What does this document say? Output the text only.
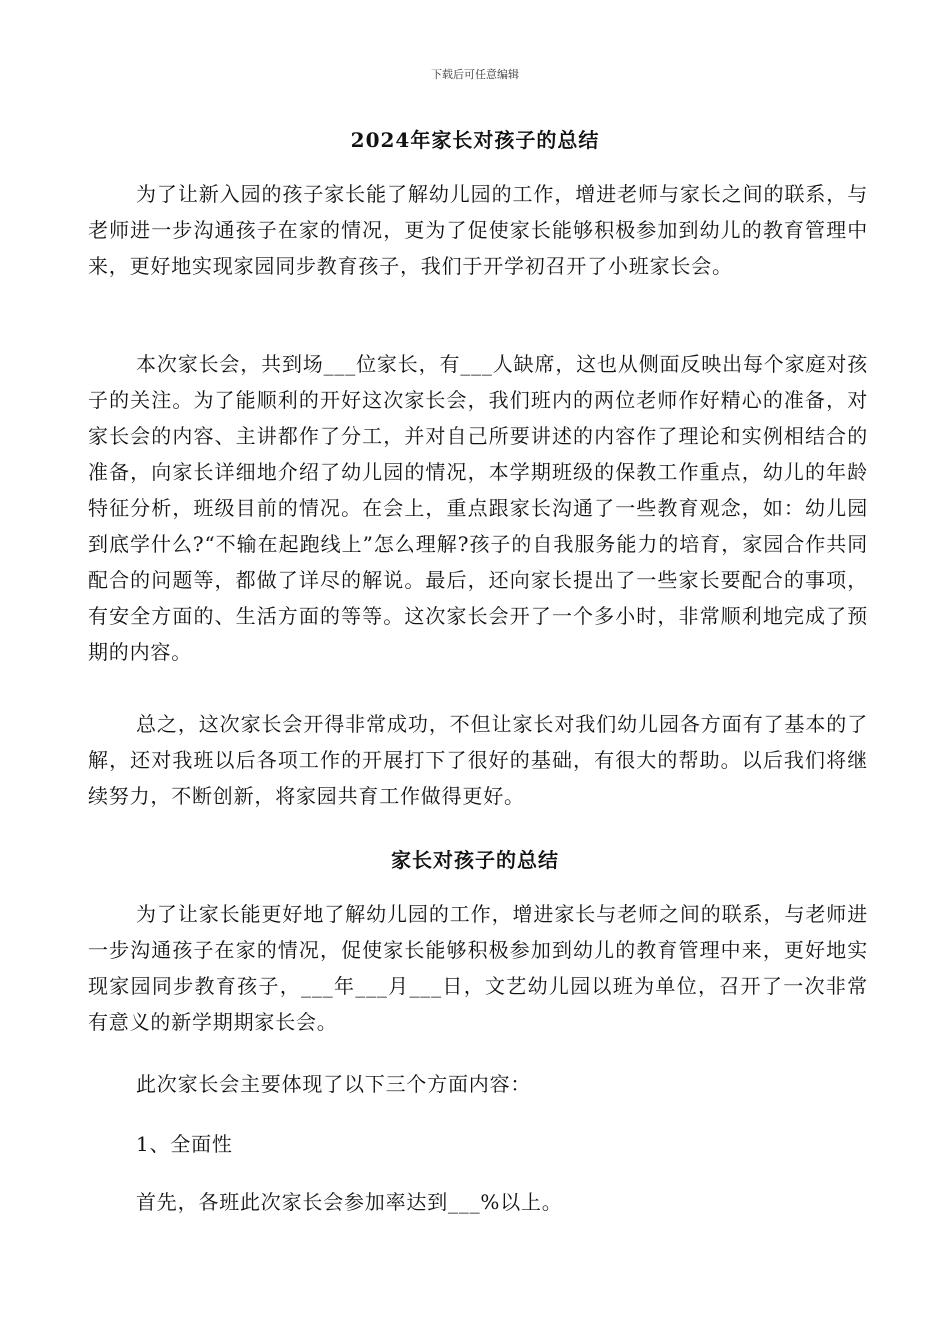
下载后可任意编辑
2024年家长对孩子的总结
为了让新入园的孩子家长能了解幼儿园的工作，增进老师与家长之间的联系，与老师进一步沟通孩子在家的情况，更为了促使家长能够积极参加到幼儿的教育管理中来，更好地实现家园同步教育孩子，我们于开学初召开了小班家长会。
本次家长会，共到场___位家长，有___人缺席，这也从侧面反映出每个家庭对孩子的关注。为了能顺利的开好这次家长会，我们班内的两位老师作好精心的准备，对家长会的内容、主讲都作了分工，并对自己所要讲述的内容作了理论和实例相结合的准备，向家长详细地介绍了幼儿园的情况，本学期班级的保教工作重点，幼儿的年龄特征分析，班级目前的情况。在会上，重点跟家长沟通了一些教育观念，如：幼儿园到底学什么?“不输在起跑线上”怎么理解?孩子的自我服务能力的培育，家园合作共同配合的问题等，都做了详尽的解说。最后，还向家长提出了一些家长要配合的事项，有安全方面的、生活方面的等等。这次家长会开了一个多小时，非常顺利地完成了预期的内容。
总之，这次家长会开得非常成功，不但让家长对我们幼儿园各方面有了基本的了解，还对我班以后各项工作的开展打下了很好的基础，有很大的帮助。以后我们将继续努力，不断创新，将家园共育工作做得更好。
家长对孩子的总结
为了让家长能更好地了解幼儿园的工作，增进家长与老师之间的联系，与老师进一步沟通孩子在家的情况，促使家长能够积极参加到幼儿的教育管理中来，更好地实现家园同步教育孩子，___年___月___日，文艺幼儿园以班为单位，召开了一次非常有意义的新学期期家长会。
此次家长会主要体现了以下三个方面内容：
1、全面性
首先，各班此次家长会参加率达到___%以上。
